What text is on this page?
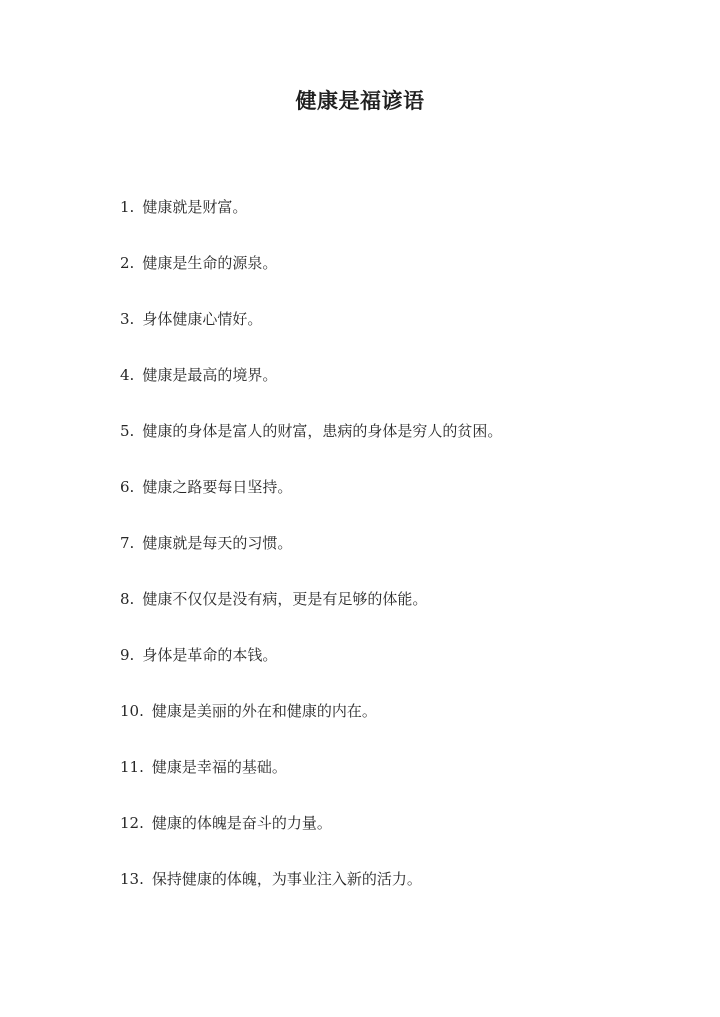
健康是福谚语
1. 健康就是财富。
2. 健康是生命的源泉。
3. 身体健康心情好。
4. 健康是最高的境界。
5. 健康的身体是富人的财富，患病的身体是穷人的贫困。
6. 健康之路要每日坚持。
7. 健康就是每天的习惯。
8. 健康不仅仅是没有病，更是有足够的体能。
9. 身体是革命的本钱。
10. 健康是美丽的外在和健康的内在。
11. 健康是幸福的基础。
12. 健康的体魄是奋斗的力量。
13. 保持健康的体魄，为事业注入新的活力。
